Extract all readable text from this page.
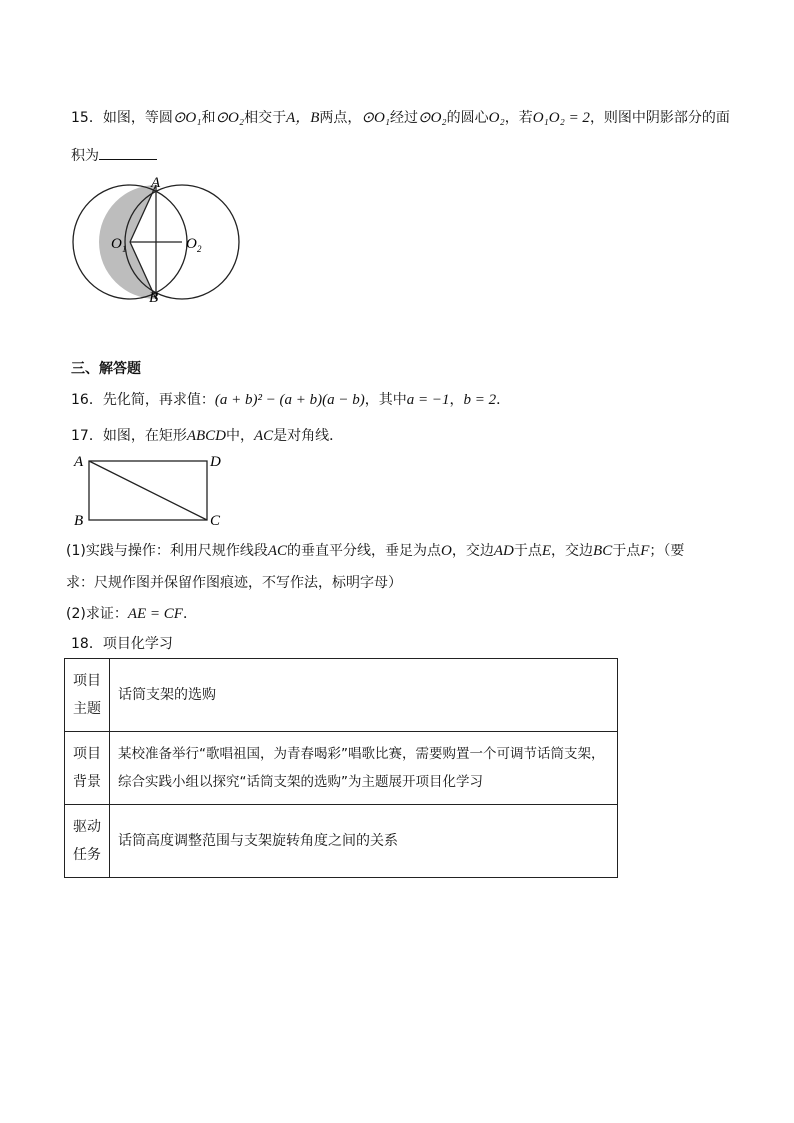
15．如图，等圆⊙O₁和⊙O₂相交于A，B两点，⊙O₁经过⊙O₂的圆心O₂，若O₁O₂ = 2，则图中阴影部分的面
积为
A
B
O 1	O 2
三、解答题
16．先化简，再求值：(a + b)² − (a + b)(a − b)，其中a = −1，b = 2．
17．如图，在矩形ABCD中，AC是对角线．
A	D
B	C
(1)实践与操作：利用尺规作线段AC的垂直平分线，垂足为点O，交边AD于点E，交边BC于点F；（要
求：尺规作图并保留作图痕迹，不写作法，标明字母）
(2)求证：AE = CF．
18．项目化学习
项目
主题	话筒支架的选购
项目
背景	某校准备举行“歌唱祖国，为青春喝彩”唱歌比赛，需要购置一个可调节话筒支架，
综合实践小组以探究“话筒支架的选购”为主题展开项目化学习
驱动
任务	话筒高度调整范围与支架旋转角度之间的关系
